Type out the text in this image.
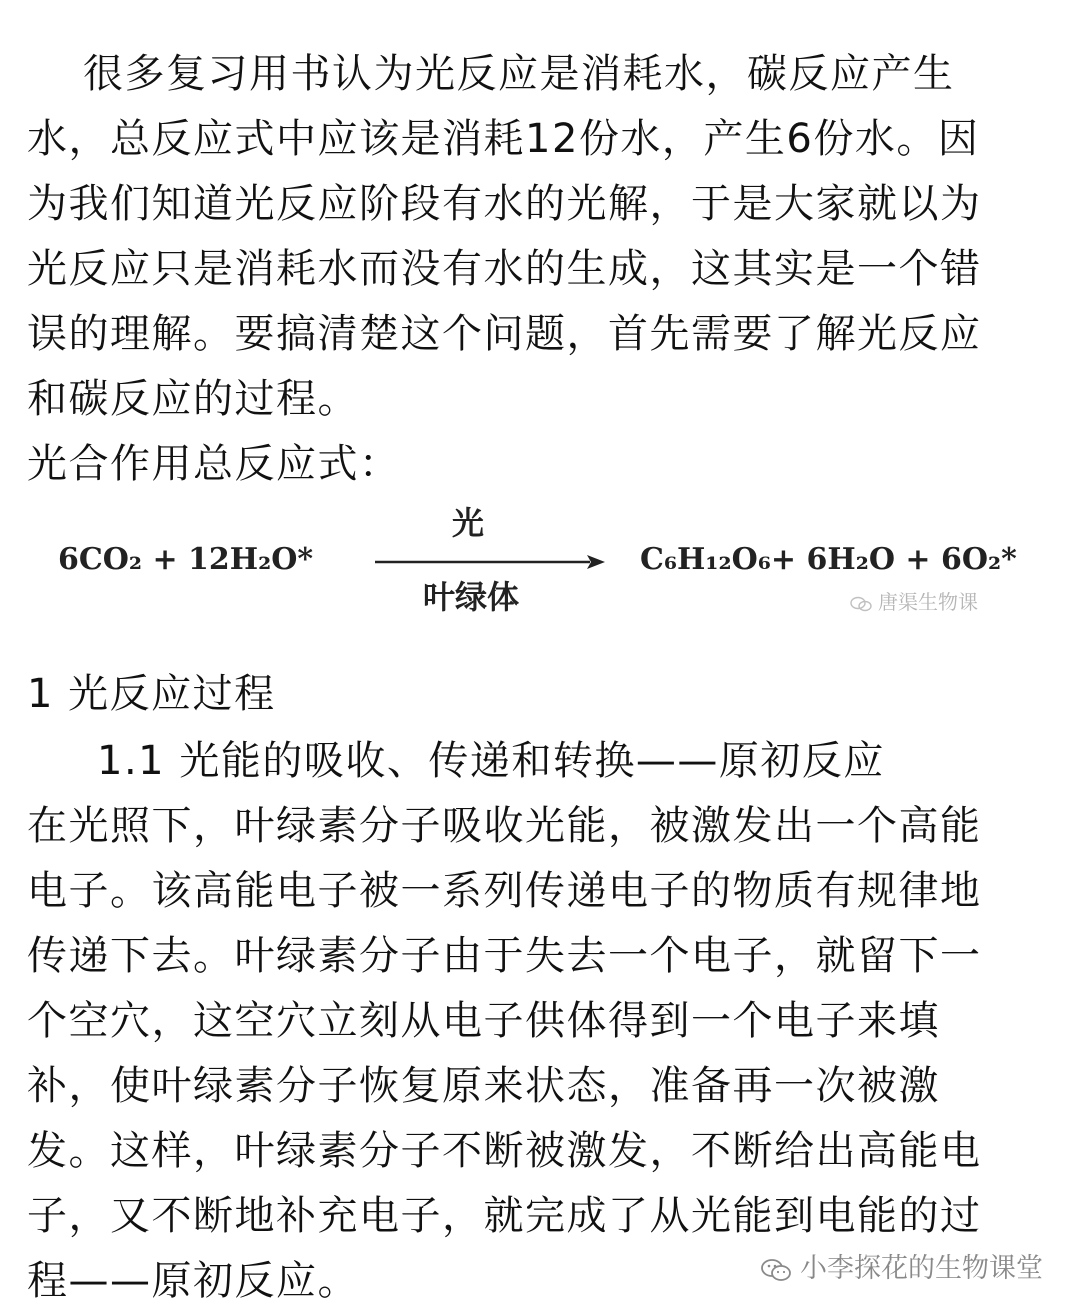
很多复习用书认为光反应是消耗水，碳反应产生
水，总反应式中应该是消耗12份水，产生6份水。因
为我们知道光反应阶段有水的光解，于是大家就以为
光反应只是消耗水而没有水的生成，这其实是一个错
误的理解。要搞清楚这个问题，首先需要了解光反应
和碳反应的过程。
光合作用总反应式：
6CO₂ + 12H₂O*
光
叶绿体
C₆H₁₂O₆+ 6H₂O + 6O₂*
唐渠生物课
1 光反应过程
1.1 光能的吸收、传递和转换——原初反应
在光照下，叶绿素分子吸收光能，被激发出一个高能
电子。该高能电子被一系列传递电子的物质有规律地
传递下去。叶绿素分子由于失去一个电子，就留下一
个空穴，这空穴立刻从电子供体得到一个电子来填
补，使叶绿素分子恢复原来状态，准备再一次被激
发。这样，叶绿素分子不断被激发，不断给出高能电
子，又不断地补充电子，就完成了从光能到电能的过
程——原初反应。	小李探花的生物课堂
